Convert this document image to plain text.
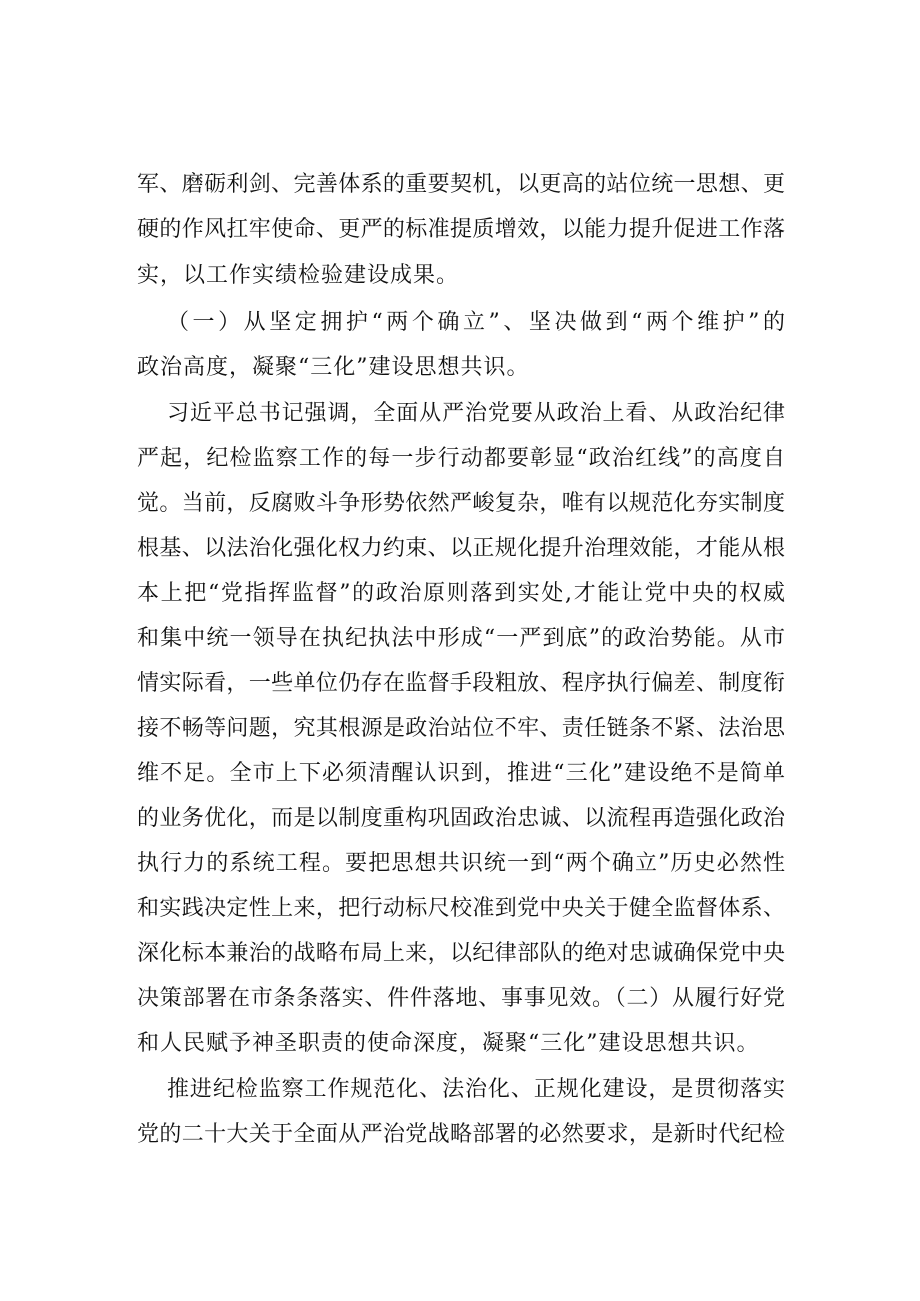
军、磨砺利剑、完善体系的重要契机，以更高的站位统一思想、更
硬的作风扛牢使命、更严的标准提质增效，以能力提升促进工作落
实，以工作实绩检验建设成果。
（一）从坚定拥护“两个确立”、坚决做到“两个维护”的
政治高度，凝聚“三化”建设思想共识。
习近平总书记强调，全面从严治党要从政治上看、从政治纪律
严起，纪检监察工作的每一步行动都要彰显“政治红线”的高度自
觉。当前，反腐败斗争形势依然严峻复杂，唯有以规范化夯实制度
根基、以法治化强化权力约束、以正规化提升治理效能，才能从根
本上把“党指挥监督”的政治原则落到实处,才能让党中央的权威
和集中统一领导在执纪执法中形成“一严到底”的政治势能。从市
情实际看，一些单位仍存在监督手段粗放、程序执行偏差、制度衔
接不畅等问题，究其根源是政治站位不牢、责任链条不紧、法治思
维不足。全市上下必须清醒认识到，推进“三化”建设绝不是简单
的业务优化，而是以制度重构巩固政治忠诚、以流程再造强化政治
执行力的系统工程。要把思想共识统一到“两个确立”历史必然性
和实践决定性上来，把行动标尺校准到党中央关于健全监督体系、
深化标本兼治的战略布局上来，以纪律部队的绝对忠诚确保党中央
决策部署在市条条落实、件件落地、事事见效。（二）从履行好党
和人民赋予神圣职责的使命深度，凝聚“三化”建设思想共识。
推进纪检监察工作规范化、法治化、正规化建设，是贯彻落实
党的二十大关于全面从严治党战略部署的必然要求，是新时代纪检
